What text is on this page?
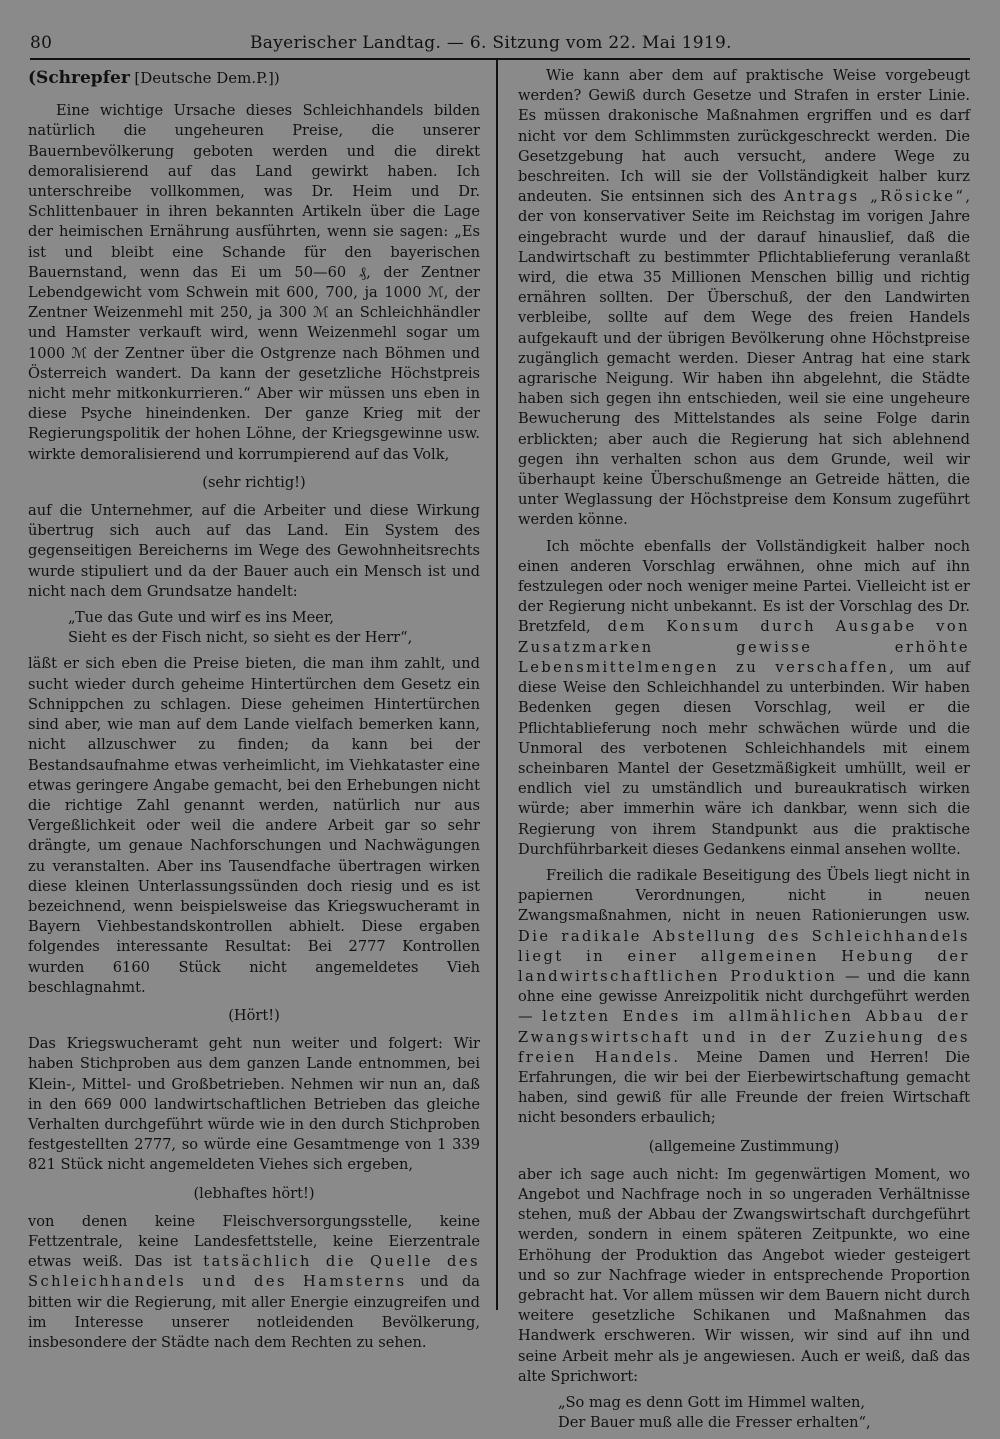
80	Bayerischer Landtag. — 6. Sitzung vom 22. Mai 1919.

(Schrepfer [Deutsche Dem.P.])

Eine wichtige Ursache dieses Schleichhandels bilden natürlich die ungeheuren Preise, die unserer Bauernbevölkerung geboten werden und die direkt demoralisierend auf das Land gewirkt haben. Ich unterschreibe vollkommen, was Dr. Heim und Dr. Schlittenbauer in ihren bekannten Artikeln über die Lage der heimischen Ernährung ausführten, wenn sie sagen: „Es ist und bleibt eine Schande für den bayerischen Bauernstand, wenn das Ei um 50—60 ₰, der Zentner Lebendgewicht vom Schwein mit 600, 700, ja 1000 ℳ, der Zentner Weizenmehl mit 250, ja 300 ℳ an Schleichhändler und Hamster verkauft wird, wenn Weizenmehl sogar um 1000 ℳ der Zentner über die Ostgrenze nach Böhmen und Österreich wandert. Da kann der gesetzliche Höchstpreis nicht mehr mitkonkurrieren.“ Aber wir müssen uns eben in diese Psyche hineindenken. Der ganze Krieg mit der Regierungspolitik der hohen Löhne, der Kriegsgewinne usw. wirkte demoralisierend und korrumpierend auf das Volk,

(sehr richtig!)

auf die Unternehmer, auf die Arbeiter und diese Wirkung übertrug sich auch auf das Land. Ein System des gegenseitigen Bereicherns im Wege des Gewohnheitsrechts wurde stipuliert und da der Bauer auch ein Mensch ist und nicht nach dem Grundsatze handelt:

„Tue das Gute und wirf es ins Meer,
Sieht es der Fisch nicht, so sieht es der Herr“,

läßt er sich eben die Preise bieten, die man ihm zahlt, und sucht wieder durch geheime Hintertürchen dem Gesetz ein Schnippchen zu schlagen. Diese geheimen Hintertürchen sind aber, wie man auf dem Lande vielfach bemerken kann, nicht allzuschwer zu finden; da kann bei der Bestandsaufnahme etwas verheimlicht, im Viehkataster eine etwas geringere Angabe gemacht, bei den Erhebungen nicht die richtige Zahl genannt werden, natürlich nur aus Vergeßlichkeit oder weil die andere Arbeit gar so sehr drängte, um genaue Nachforschungen und Nachwägungen zu veranstalten. Aber ins Tausendfache übertragen wirken diese kleinen Unterlassungssünden doch riesig und es ist bezeichnend, wenn beispielsweise das Kriegswucheramt in Bayern Viehbestandskontrollen abhielt. Diese ergaben folgendes interessante Resultat: Bei 2777 Kontrollen wurden 6160 Stück nicht angemeldetes Vieh beschlagnahmt.

(Hört!)

Das Kriegswucheramt geht nun weiter und folgert: Wir haben Stichproben aus dem ganzen Lande entnommen, bei Klein-, Mittel- und Großbetrieben. Nehmen wir nun an, daß in den 669 000 landwirtschaftlichen Betrieben das gleiche Verhalten durchgeführt würde wie in den durch Stichproben festgestellten 2777, so würde eine Gesamtmenge von 1 339 821 Stück nicht angemeldeten Viehes sich ergeben,

(lebhaftes hört!)

von denen keine Fleischversorgungsstelle, keine Fettzentrale, keine Landesfettstelle, keine Eierzentrale etwas weiß. Das ist tatsächlich die Quelle des Schleichhandels und des Hamsterns und da bitten wir die Regierung, mit aller Energie einzugreifen und im Interesse unserer notleidenden Bevölkerung, insbesondere der Städte nach dem Rechten zu sehen.

Wie kann aber dem auf praktische Weise vorgebeugt werden? Gewiß durch Gesetze und Strafen in erster Linie. Es müssen drakonische Maßnahmen ergriffen und es darf nicht vor dem Schlimmsten zurückgeschreckt werden. Die Gesetzgebung hat auch versucht, andere Wege zu beschreiten. Ich will sie der Vollständigkeit halber kurz andeuten. Sie entsinnen sich des Antrags „Rösicke“, der von konservativer Seite im Reichstag im vorigen Jahre eingebracht wurde und der darauf hinauslief, daß die Landwirtschaft zu bestimmter Pflichtablieferung veranlaßt wird, die etwa 35 Millionen Menschen billig und richtig ernähren sollten. Der Überschuß, der den Landwirten verbleibe, sollte auf dem Wege des freien Handels aufgekauft und der übrigen Bevölkerung ohne Höchstpreise zugänglich gemacht werden. Dieser Antrag hat eine stark agrarische Neigung. Wir haben ihn abgelehnt, die Städte haben sich gegen ihn entschieden, weil sie eine ungeheure Bewucherung des Mittelstandes als seine Folge darin erblickten; aber auch die Regierung hat sich ablehnend gegen ihn verhalten schon aus dem Grunde, weil wir überhaupt keine Überschußmenge an Getreide hätten, die unter Weglassung der Höchstpreise dem Konsum zugeführt werden könne.

Ich möchte ebenfalls der Vollständigkeit halber noch einen anderen Vorschlag erwähnen, ohne mich auf ihn festzulegen oder noch weniger meine Partei. Vielleicht ist er der Regierung nicht unbekannt. Es ist der Vorschlag des Dr. Bretzfeld, dem Konsum durch Ausgabe von Zusatzmarken gewisse erhöhte Lebensmittelmengen zu verschaffen, um auf diese Weise den Schleichhandel zu unterbinden. Wir haben Bedenken gegen diesen Vorschlag, weil er die Pflichtablieferung noch mehr schwächen würde und die Unmoral des verbotenen Schleichhandels mit einem scheinbaren Mantel der Gesetzmäßigkeit umhüllt, weil er endlich viel zu umständlich und bureaukratisch wirken würde; aber immerhin wäre ich dankbar, wenn sich die Regierung von ihrem Standpunkt aus die praktische Durchführbarkeit dieses Gedankens einmal ansehen wollte.

Freilich die radikale Beseitigung des Übels liegt nicht in papiernen Verordnungen, nicht in neuen Zwangsmaßnahmen, nicht in neuen Rationierungen usw. Die radikale Abstellung des Schleichhandels liegt in einer allgemeinen Hebung der landwirtschaftlichen Produktion — und die kann ohne eine gewisse Anreizpolitik nicht durchgeführt werden — letzten Endes im allmählichen Abbau der Zwangswirtschaft und in der Zuziehung des freien Handels. Meine Damen und Herren! Die Erfahrungen, die wir bei der Eierbewirtschaftung gemacht haben, sind gewiß für alle Freunde der freien Wirtschaft nicht besonders erbaulich;

(allgemeine Zustimmung)

aber ich sage auch nicht: Im gegenwärtigen Moment, wo Angebot und Nachfrage noch in so ungeraden Verhältnisse stehen, muß der Abbau der Zwangswirtschaft durchgeführt werden, sondern in einem späteren Zeitpunkte, wo eine Erhöhung der Produktion das Angebot wieder gesteigert und so zur Nachfrage wieder in entsprechende Proportion gebracht hat. Vor allem müssen wir dem Bauern nicht durch weitere gesetzliche Schikanen und Maßnahmen das Handwerk erschweren. Wir wissen, wir sind auf ihn und seine Arbeit mehr als je angewiesen. Auch er weiß, daß das alte Sprichwort:

„So mag es denn Gott im Himmel walten,
Der Bauer muß alle die Fresser erhalten“,
